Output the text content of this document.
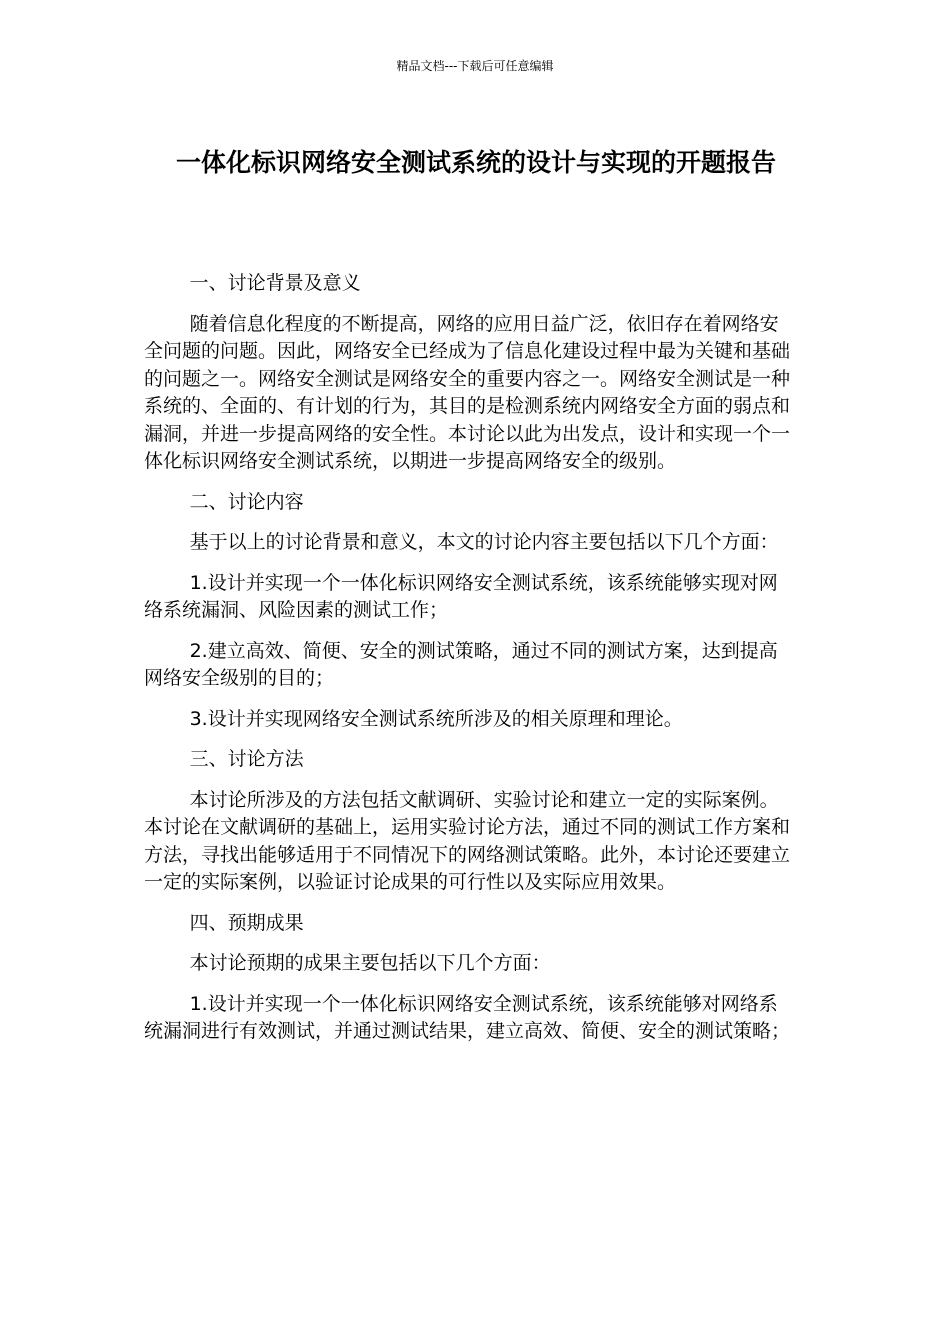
精品文档---下载后可任意编辑
一体化标识网络安全测试系统的设计与实现的开题报告

一、讨论背景及意义

随着信息化程度的不断提高，网络的应用日益广泛，依旧存在着网络安全问题的问题。因此，网络安全已经成为了信息化建设过程中最为关键和基础的问题之一。网络安全测试是网络安全的重要内容之一。网络安全测试是一种系统的、全面的、有计划的行为，其目的是检测系统内网络安全方面的弱点和漏洞，并进一步提高网络的安全性。本讨论以此为出发点，设计和实现一个一体化标识网络安全测试系统，以期进一步提高网络安全的级别。

二、讨论内容

基于以上的讨论背景和意义，本文的讨论内容主要包括以下几个方面：

1.设计并实现一个一体化标识网络安全测试系统，该系统能够实现对网络系统漏洞、风险因素的测试工作；

2.建立高效、简便、安全的测试策略，通过不同的测试方案，达到提高网络安全级别的目的；

3.设计并实现网络安全测试系统所涉及的相关原理和理论。

三、讨论方法

本讨论所涉及的方法包括文献调研、实验讨论和建立一定的实际案例。本讨论在文献调研的基础上，运用实验讨论方法，通过不同的测试工作方案和方法，寻找出能够适用于不同情况下的网络测试策略。此外，本讨论还要建立一定的实际案例，以验证讨论成果的可行性以及实际应用效果。

四、预期成果

本讨论预期的成果主要包括以下几个方面：

1.设计并实现一个一体化标识网络安全测试系统，该系统能够对网络系统漏洞进行有效测试，并通过测试结果，建立高效、简便、安全的测试策略；
